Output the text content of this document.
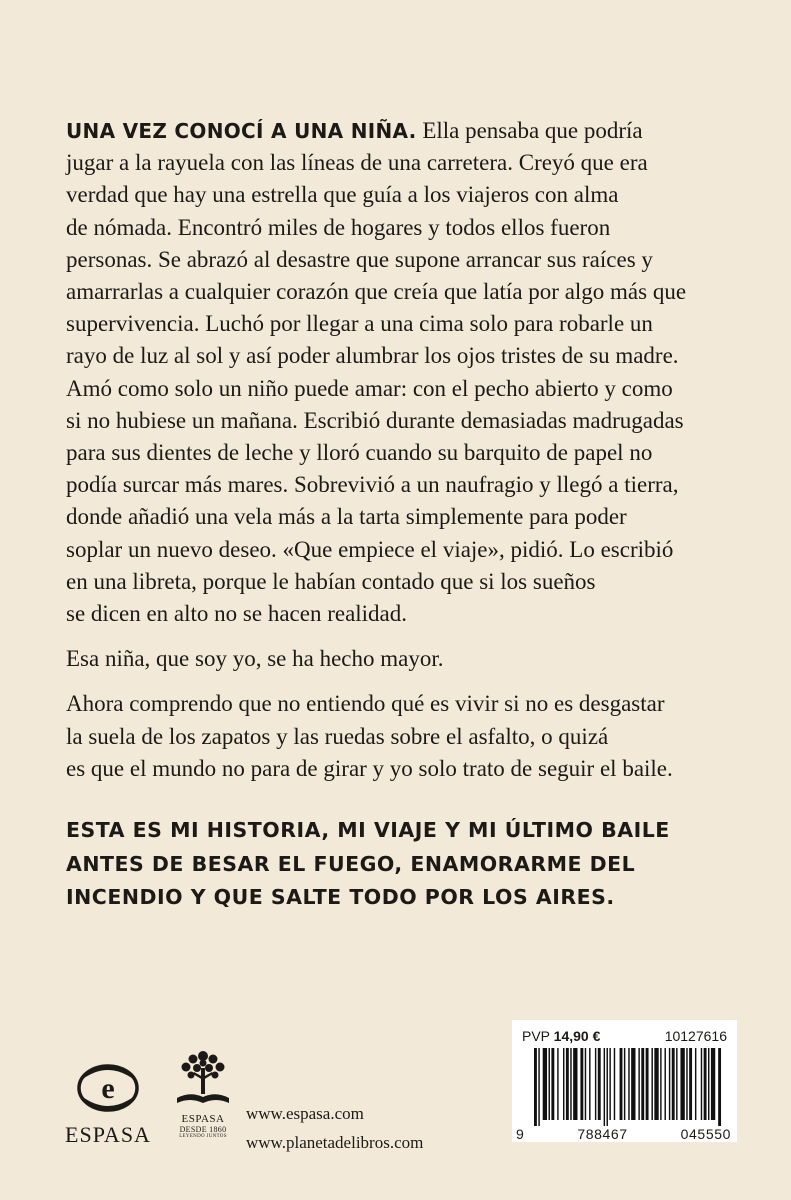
UNA VEZ CONOCÍ A UNA NIÑA. Ella pensaba que podría
jugar a la rayuela con las líneas de una carretera. Creyó que era
verdad que hay una estrella que guía a los viajeros con alma
de nómada. Encontró miles de hogares y todos ellos fueron
personas. Se abrazó al desastre que supone arrancar sus raíces y
amarrarlas a cualquier corazón que creía que latía por algo más que
supervivencia. Luchó por llegar a una cima solo para robarle un
rayo de luz al sol y así poder alumbrar los ojos tristes de su madre.
Amó como solo un niño puede amar: con el pecho abierto y como
si no hubiese un mañana. Escribió durante demasiadas madrugadas
para sus dientes de leche y lloró cuando su barquito de papel no
podía surcar más mares. Sobrevivió a un naufragio y llegó a tierra,
donde añadió una vela más a la tarta simplemente para poder
soplar un nuevo deseo. «Que empiece el viaje», pidió. Lo escribió
en una libreta, porque le habían contado que si los sueños
se dicen en alto no se hacen realidad.

Esa niña, que soy yo, se ha hecho mayor.

Ahora comprendo que no entiendo qué es vivir si no es desgastar
la suela de los zapatos y las ruedas sobre el asfalto, o quizá
es que el mundo no para de girar y yo solo trato de seguir el baile.

ESTA ES MI HISTORIA, MI VIAJE Y MI ÚLTIMO BAILE
ANTES DE BESAR EL FUEGO, ENAMORARME DEL
INCENDIO Y QUE SALTE TODO POR LOS AIRES.
e
ESPASA
ESPASA
DESDE 1860
LEYENDO JUNTOS
www.espasa.com
www.planetadelibros.com
PVP 14,90 €	10127616
9	788467	045550
